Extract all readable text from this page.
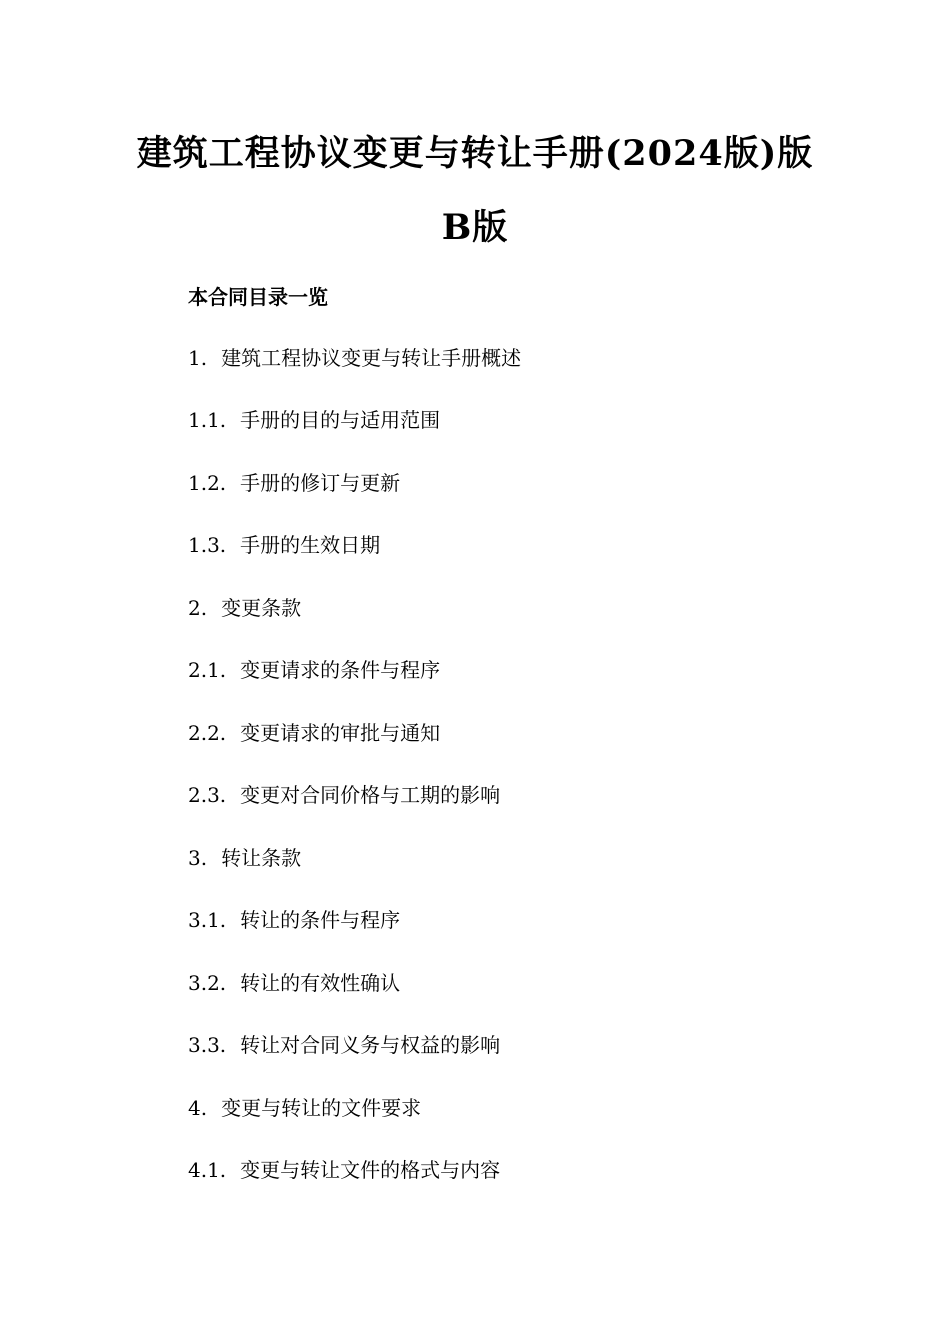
建筑工程协议变更与转让手册(2024版)版
B版
本合同目录一览
1. 建筑工程协议变更与转让手册概述
1.1. 手册的目的与适用范围
1.2. 手册的修订与更新
1.3. 手册的生效日期
2. 变更条款
2.1. 变更请求的条件与程序
2.2. 变更请求的审批与通知
2.3. 变更对合同价格与工期的影响
3. 转让条款
3.1. 转让的条件与程序
3.2. 转让的有效性确认
3.3. 转让对合同义务与权益的影响
4. 变更与转让的文件要求
4.1. 变更与转让文件的格式与内容
